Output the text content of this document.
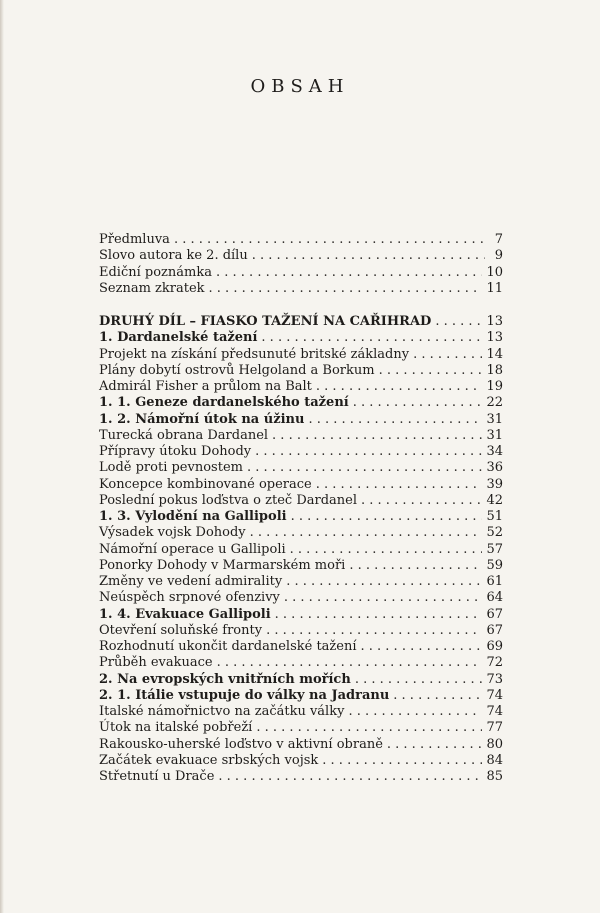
OBSAH
Předmluva . . .	7
Slovo autora ke 2. dílu . . .	9
Ediční poznámka . . .	10
Seznam zkratek . . .	11
DRUHÝ DÍL – FIASKO TAŽENÍ NA CAŘIHRAD . . .	13
1. Dardanelské tažení . . .	13
Projekt na získání předsunuté britské základny . . .	14
Plány dobytí ostrovů Helgoland a Borkum . . .	18
Admirál Fisher a průlom na Balt . . .	19
1. 1. Geneze dardanelského tažení . . .	22
1. 2. Námořní útok na úžinu . . .	31
Turecká obrana Dardanel . . .	31
Přípravy útoku Dohody . . .	34
Lodě proti pevnostem . . .	36
Koncepce kombinované operace . . .	39
Poslední pokus loďstva o zteč Dardanel . . .	42
1. 3. Vylodění na Gallipoli . . .	51
Výsadek vojsk Dohody . . .	52
Námořní operace u Gallipoli . . .	57
Ponorky Dohody v Marmarském moři . . .	59
Změny ve vedení admirality . . .	61
Neúspěch srpnové ofenzivy . . .	64
1. 4. Evakuace Gallipoli . . .	67
Otevření soluňské fronty . . .	67
Rozhodnutí ukončit dardanelské tažení . . .	69
Průběh evakuace . . .	72
2. Na evropských vnitřních mořích . . .	73
2. 1. Itálie vstupuje do války na Jadranu . . .	74
Italské námořnictvo na začátku války . . .	74
Útok na italské pobřeží . . .	77
Rakousko-uherské loďstvo v aktivní obraně . . .	80
Začátek evakuace srbských vojsk . . .	84
Střetnutí u Drače . . .	85
